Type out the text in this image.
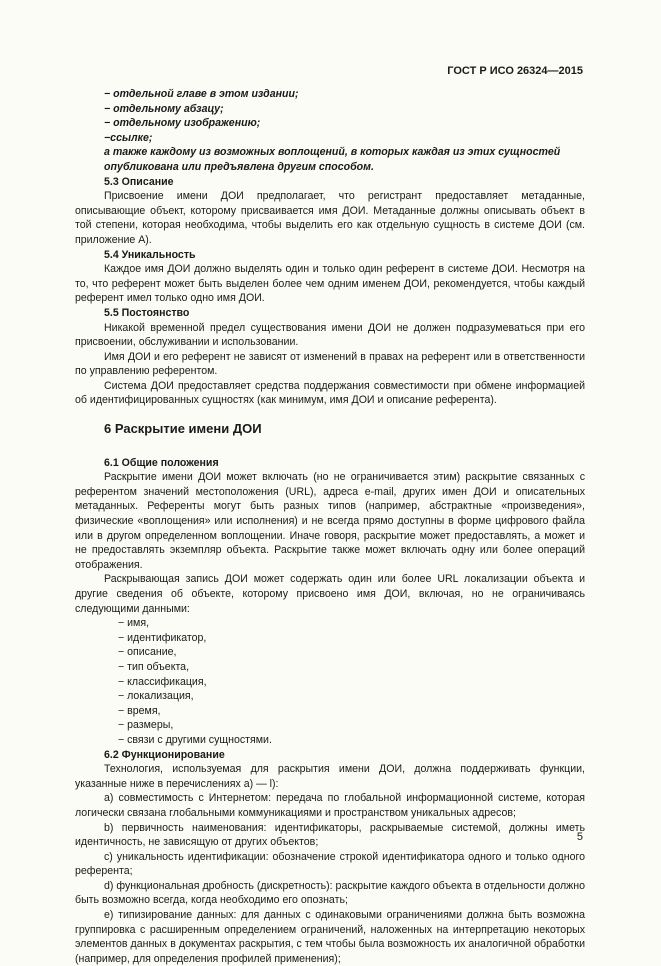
ГОСТ Р ИСО 26324—2015

− отдельной главе в этом издании;

− отдельному абзацу;

− отдельному изображению;

−ссылке;

а также каждому из возможных воплощений, в которых каждая из этих сущностей опубликована или предъявлена другим способом.

5.3 Описание

Присвоение имени ДОИ предполагает, что регистрант предоставляет метаданные, описывающие объект, которому присваивается имя ДОИ. Метаданные должны описывать объект в той степени, которая необходима, чтобы выделить его как отдельную сущность в системе ДОИ (см. приложение А).

5.4 Уникальность

Каждое имя ДОИ должно выделять один и только один референт в системе ДОИ. Несмотря на то, что референт может быть выделен более чем одним именем ДОИ, рекомендуется, чтобы каждый референт имел только одно имя ДОИ.

5.5 Постоянство

Никакой временной предел существования имени ДОИ не должен подразумеваться при его присвоении, обслуживании и использовании.

Имя ДОИ и его референт не зависят от изменений в правах на референт или в ответственности по управлению референтом.

Система ДОИ предоставляет средства поддержания совместимости при обмене информацией об идентифицированных сущностях (как минимум, имя ДОИ и описание референта).

6 Раскрытие имени ДОИ

6.1 Общие положения

Раскрытие имени ДОИ может включать (но не ограничивается этим) раскрытие связанных с референтом значений местоположения (URL), адреса e-mail, других имен ДОИ и описательных метаданных. Референты могут быть разных типов (например, абстрактные «произведения», физические «воплощения» или исполнения) и не всегда прямо доступны в форме цифрового файла или в другом определенном воплощении. Иначе говоря, раскрытие может предоставлять, а может и не предоставлять экземпляр объекта. Раскрытие также может включать одну или более операций отображения.

Раскрывающая запись ДОИ может содержать один или более URL локализации объекта и другие сведения об объекте, которому присвоено имя ДОИ, включая, но не ограничиваясь следующими данными:

− имя,

− идентификатор,

− описание,

− тип объекта,

− классификация,

− локализация,

− время,

− размеры,

− связи с другими сущностями.

6.2 Функционирование

Технология, используемая для раскрытия имени ДОИ, должна поддерживать функции, указанные ниже в перечислениях а) — l):

а) совместимость с Интернетом: передача по глобальной информационной системе, которая логически связана глобальными коммуникациями и пространством уникальных адресов;

b) первичность наименования: идентификаторы, раскрываемые системой, должны иметь идентичность, не зависящую от других объектов;

c) уникальность идентификации: обозначение строкой идентификатора одного и только одного референта;

d) функциональная дробность (дискретность): раскрытие каждого объекта в отдельности должно быть возможно всегда, когда необходимо его опознать;

e) типизирование данных: для данных с одинаковыми ограничениями должна быть возможна группировка с расширенным определением ограничений, наложенных на интерпретацию некоторых элементов данных в документах раскрытия, с тем чтобы была возможность их аналогичной обработки (например, для определения профилей применения);

5
